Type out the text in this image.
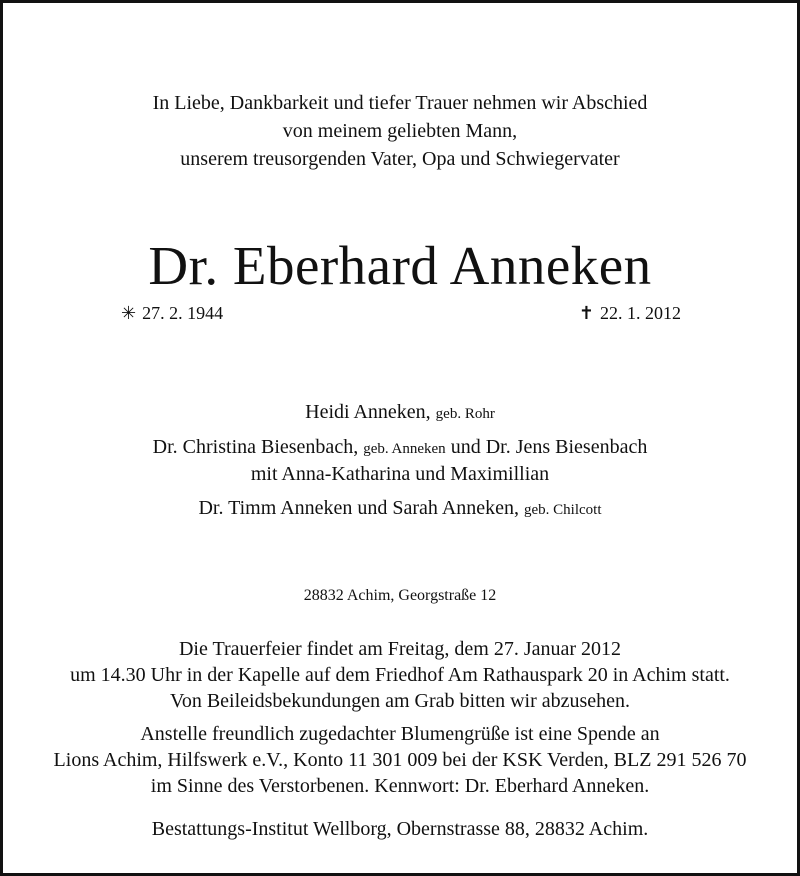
In Liebe, Dankbarkeit und tiefer Trauer nehmen wir Abschied
von meinem geliebten Mann,
unserem treusorgenden Vater, Opa und Schwiegervater
Dr. Eberhard Anneken
✳ 27. 2. 1944	✝ 22. 1. 2012
Heidi Anneken, geb. Rohr
Dr. Christina Biesenbach, geb. Anneken und Dr. Jens Biesenbach
mit Anna-Katharina und Maximillian
Dr. Timm Anneken und Sarah Anneken, geb. Chilcott
28832 Achim, Georgstraße 12
Die Trauerfeier findet am Freitag, dem 27. Januar 2012
um 14.30 Uhr in der Kapelle auf dem Friedhof Am Rathauspark 20 in Achim statt.
Von Beileidsbekundungen am Grab bitten wir abzusehen.
Anstelle freundlich zugedachter Blumengrüße ist eine Spende an
Lions Achim, Hilfswerk e.V., Konto 11 301 009 bei der KSK Verden, BLZ 291 526 70
im Sinne des Verstorbenen. Kennwort: Dr. Eberhard Anneken.
Bestattungs-Institut Wellborg, Obernstrasse 88, 28832 Achim.
